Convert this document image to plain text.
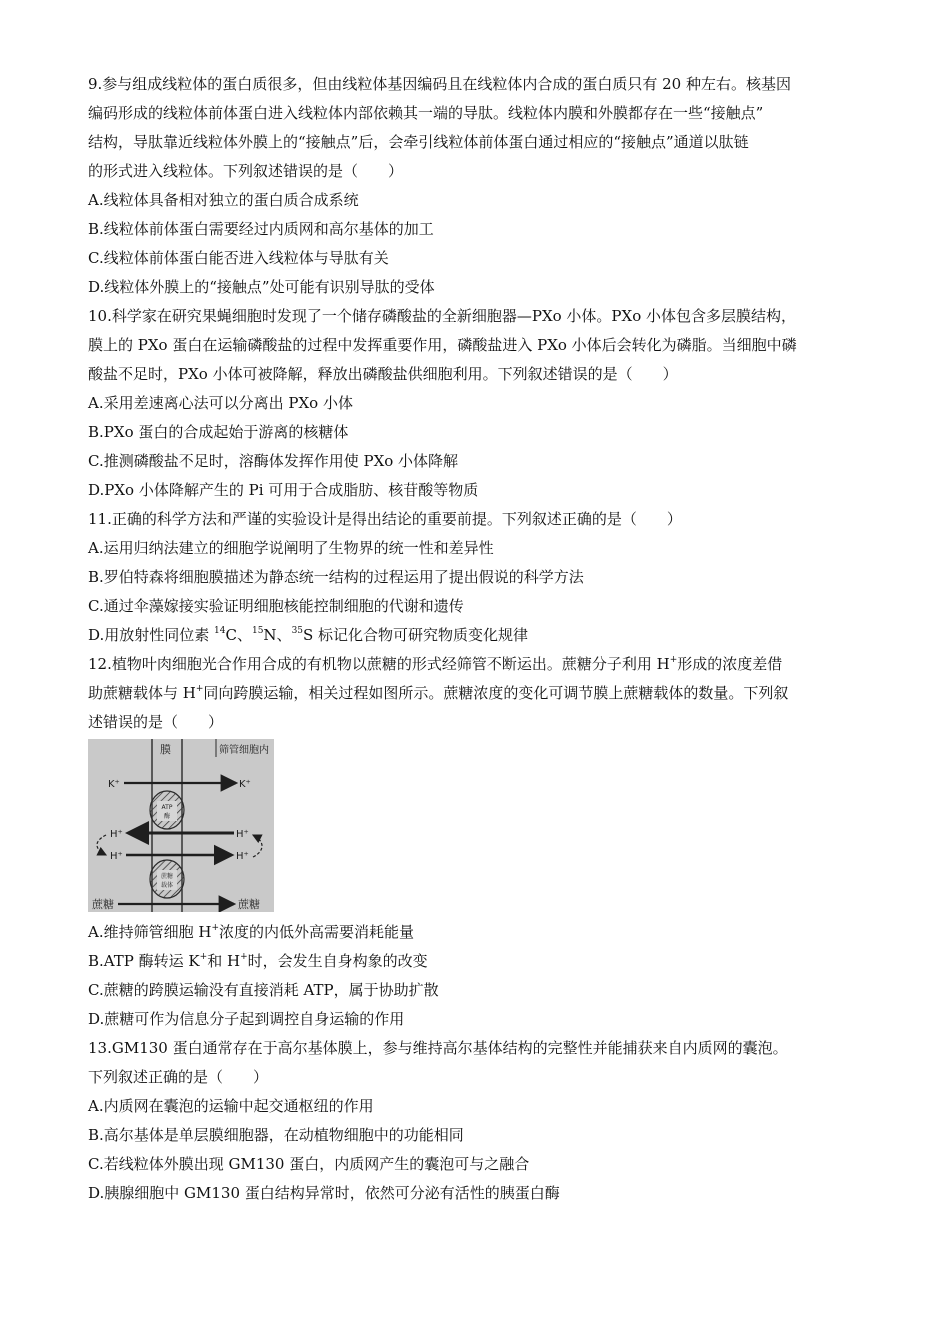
9.参与组成线粒体的蛋白质很多，但由线粒体基因编码且在线粒体内合成的蛋白质只有 20 种左右。核基因
编码形成的线粒体前体蛋白进入线粒体内部依赖其一端的导肽。线粒体内膜和外膜都存在一些“接触点”
结构，导肽靠近线粒体外膜上的“接触点”后，会牵引线粒体前体蛋白通过相应的“接触点”通道以肽链
的形式进入线粒体。下列叙述错误的是（　　）
A.线粒体具备相对独立的蛋白质合成系统
B.线粒体前体蛋白需要经过内质网和高尔基体的加工
C.线粒体前体蛋白能否进入线粒体与导肽有关
D.线粒体外膜上的“接触点”处可能有识别导肽的受体
10.科学家在研究果蝇细胞时发现了一个储存磷酸盐的全新细胞器—PXo 小体。PXo 小体包含多层膜结构，
膜上的 PXo 蛋白在运输磷酸盐的过程中发挥重要作用，磷酸盐进入 PXo 小体后会转化为磷脂。当细胞中磷
酸盐不足时，PXo 小体可被降解，释放出磷酸盐供细胞利用。下列叙述错误的是（　　）
A.采用差速离心法可以分离出 PXo 小体
B.PXo 蛋白的合成起始于游离的核糖体
C.推测磷酸盐不足时，溶酶体发挥作用使 PXo 小体降解
D.PXo 小体降解产生的 Pi 可用于合成脂肪、核苷酸等物质
11.正确的科学方法和严谨的实验设计是得出结论的重要前提。下列叙述正确的是（　　）
A.运用归纳法建立的细胞学说阐明了生物界的统一性和差异性
B.罗伯特森将细胞膜描述为静态统一结构的过程运用了提出假说的科学方法
C.通过伞藻嫁接实验证明细胞核能控制细胞的代谢和遗传
D.用放射性同位素 $^{14}$C、$^{15}$N、$^{35}$S 标记化合物可研究物质变化规律
12.植物叶肉细胞光合作用合成的有机物以蔗糖的形式经筛管不断运出。蔗糖分子利用 H+形成的浓度差借
助蔗糖载体与 H+同向跨膜运输，相关过程如图所示。蔗糖浓度的变化可调节膜上蔗糖载体的数量。下列叙
述错误的是（　　）
膜	筛管细胞内
K⁺	K⁺
ATP
酶
H⁺	H⁺
H⁺	H⁺
蔗糖
载体
蔗糖	蔗糖
A.维持筛管细胞 H+浓度的内低外高需要消耗能量
B.ATP 酶转运 K+和 H+时，会发生自身构象的改变
C.蔗糖的跨膜运输没有直接消耗 ATP，属于协助扩散
D.蔗糖可作为信息分子起到调控自身运输的作用
13.GM130 蛋白通常存在于高尔基体膜上，参与维持高尔基体结构的完整性并能捕获来自内质网的囊泡。
下列叙述正确的是（　　）
A.内质网在囊泡的运输中起交通枢纽的作用
B.高尔基体是单层膜细胞器，在动植物细胞中的功能相同
C.若线粒体外膜出现 GM130 蛋白，内质网产生的囊泡可与之融合
D.胰腺细胞中 GM130 蛋白结构异常时，依然可分泌有活性的胰蛋白酶
